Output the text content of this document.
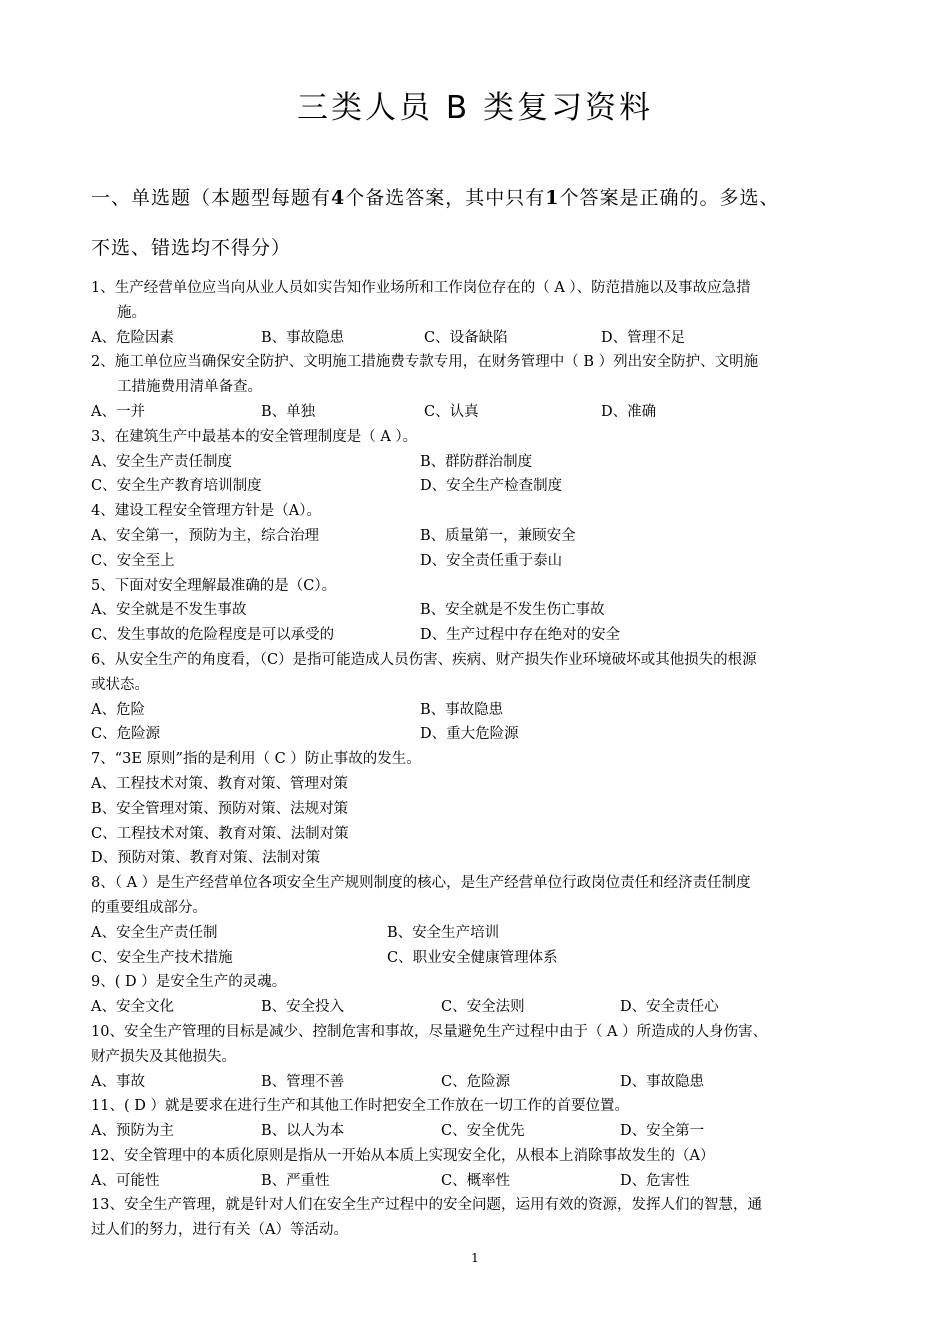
三类人员 B 类复习资料
一、单选题（本题型每题有4个备选答案，其中只有1个答案是正确的。多选、
不选、错选均不得分）
1、生产经营单位应当向从业人员如实告知作业场所和工作岗位存在的（ A ）、防范措施以及事故应急措
施。
A、危险因素	B、事故隐患	C、设备缺陷	D、管理不足
2、施工单位应当确保安全防护、文明施工措施费专款专用，在财务管理中（ B ）列出安全防护、文明施
工措施费用清单备查。
A、一并	B、单独	C、认真	D、准确
3、在建筑生产中最基本的安全管理制度是（ A ）。
A、安全生产责任制度	B、群防群治制度
C、安全生产教育培训制度	D、安全生产检查制度
4、建设工程安全管理方针是（A）。
A、安全第一，预防为主，综合治理	B、质量第一，兼顾安全
C、安全至上	D、安全责任重于泰山
5、下面对安全理解最准确的是（C）。
A、安全就是不发生事故	B、安全就是不发生伤亡事故
C、发生事故的危险程度是可以承受的	D、生产过程中存在绝对的安全
6、从安全生产的角度看，（C）是指可能造成人员伤害、疾病、财产损失作业环境破坏或其他损失的根源
或状态。
A、危险	B、事故隐患
C、危险源	D、重大危险源
7、“3E 原则”指的是利用（ C ）防止事故的发生。
A、工程技术对策、教育对策、管理对策
B、安全管理对策、预防对策、法规对策
C、工程技术对策、教育对策、法制对策
D、预防对策、教育对策、法制对策
8、（ A ）是生产经营单位各项安全生产规则制度的核心，是生产经营单位行政岗位责任和经济责任制度
的重要组成部分。
A、安全生产责任制	B、安全生产培训
C、安全生产技术措施	C、职业安全健康管理体系
9、( D ）是安全生产的灵魂。
A、安全文化	B、安全投入	C、安全法则	D、安全责任心
10、安全生产管理的目标是减少、控制危害和事故，尽量避免生产过程中由于（ A ）所造成的人身伤害、
财产损失及其他损失。
A、事故	B、管理不善	C、危险源	D、事故隐患
11、( D ）就是要求在进行生产和其他工作时把安全工作放在一切工作的首要位置。
A、预防为主	B、以人为本	C、安全优先	D、安全第一
12、安全管理中的本质化原则是指从一开始从本质上实现安全化，从根本上消除事故发生的（A）
A、可能性	B、严重性	C、概率性	D、危害性
13、安全生产管理，就是针对人们在安全生产过程中的安全问题，运用有效的资源，发挥人们的智慧，通
过人们的努力，进行有关（A）等活动。
1
